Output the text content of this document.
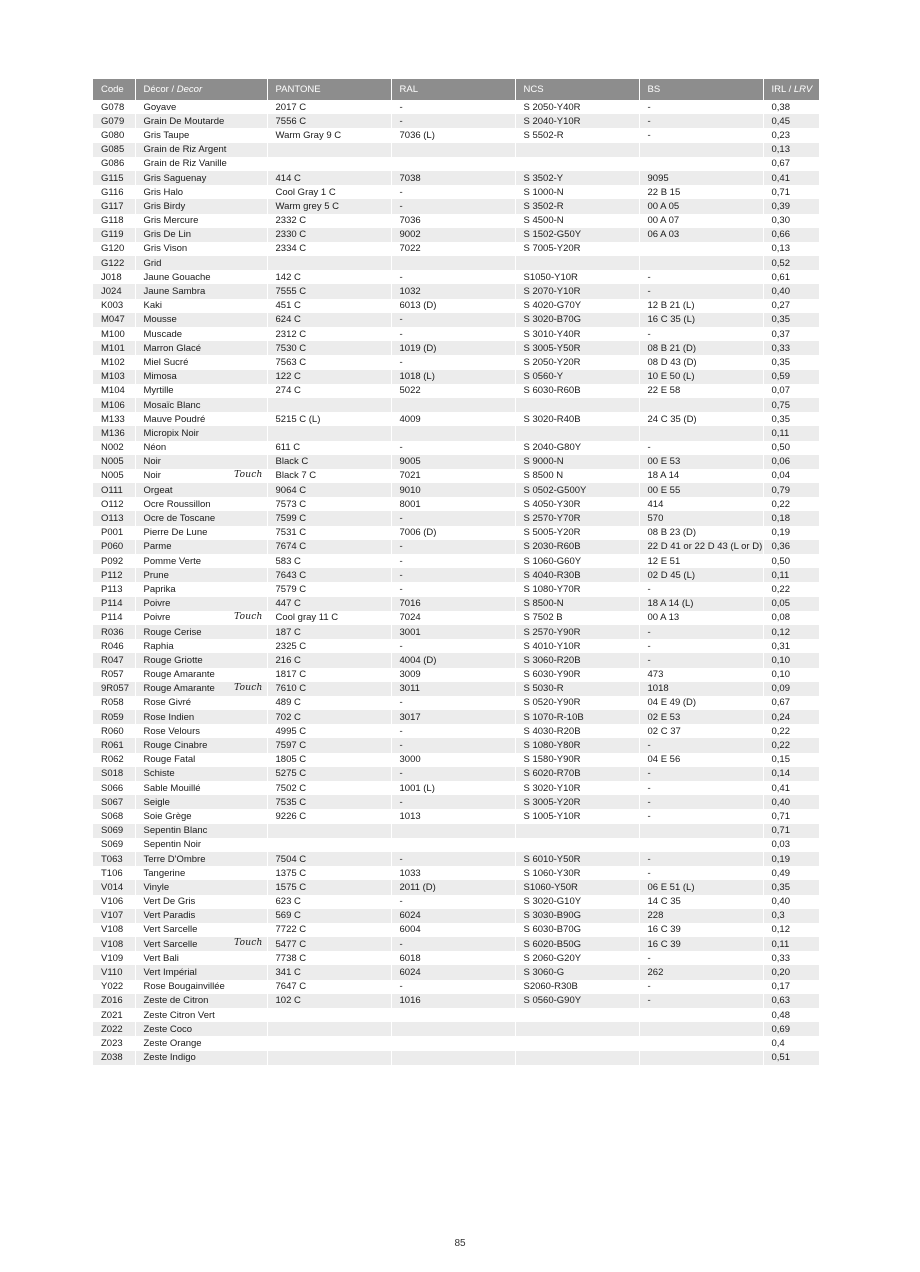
Code	Décor / Decor	PANTONE	RAL	NCS	BS	IRL / LRV
G078	Goyave	2017 C	-	S 2050-Y40R	-	0,38
G079	Grain De Moutarde	7556 C	-	S 2040-Y10R	-	0,45
G080	Gris Taupe	Warm Gray 9 C	7036 (L)	S 5502-R	-	0,23
G085	Grain de Riz Argent					0,13
G086	Grain de Riz Vanille					0,67
G115	Gris Saguenay	414 C	7038	S 3502-Y	9095	0,41
G116	Gris Halo	Cool Gray 1 C	-	S 1000-N	22 B 15	0,71
G117	Gris Birdy	Warm grey 5 C	-	S 3502-R	00 A 05	0,39
G118	Gris Mercure	2332 C	7036	S 4500-N	00 A 07	0,30
G119	Gris De Lin	2330 C	9002	S 1502-G50Y	06 A 03	0,66
G120	Gris Vison	2334 C	7022	S 7005-Y20R		0,13
G122	Grid					0,52
J018	Jaune Gouache	142 C	-	S1050-Y10R	-	0,61
J024	Jaune Sambra	7555 C	1032	S 2070-Y10R	-	0,40
K003	Kaki	451 C	6013 (D)	S 4020-G70Y	12 B 21 (L)	0,27
M047	Mousse	624 C	-	S 3020-B70G	16 C 35 (L)	0,35
M100	Muscade	2312 C	-	S 3010-Y40R	-	0,37
M101	Marron Glacé	7530 C	1019 (D)	S 3005-Y50R	08 B 21 (D)	0,33
M102	Miel Sucré	7563 C	-	S 2050-Y20R	08 D 43 (D)	0,35
M103	Mimosa	122 C	1018 (L)	S 0560-Y	10 E 50 (L)	0,59
M104	Myrtille	274 C	5022	S 6030-R60B	22 E 58	0,07
M106	Mosaïc Blanc					0,75
M133	Mauve Poudré	5215 C (L)	4009	S 3020-R40B	24 C 35 (D)	0,35
M136	Micropix Noir					0,11
N002	Néon	611 C	-	S 2040-G80Y	-	0,50
N005	Noir	Black C	9005	S 9000-N	00 E 53	0,06
N005	Noir Touch	Black 7 C	7021	S 8500 N	18 A 14	0,04
O111	Orgeat	9064 C	9010	S 0502-G500Y	00 E 55	0,79
O112	Ocre Roussillon	7573 C	8001	S 4050-Y30R	414	0,22
O113	Ocre de Toscane	7599 C	-	S 2570-Y70R	570	0,18
P001	Pierre De Lune	7531 C	7006 (D)	S 5005-Y20R	08 B 23 (D)	0,19
P060	Parme	7674 C	-	S 2030-R60B	22 D 41 or 22 D 43 (L or D)	0,36
P092	Pomme Verte	583 C	-	S 1060-G60Y	12 E 51	0,50
P112	Prune	7643 C	-	S 4040-R30B	02 D 45 (L)	0,11
P113	Paprika	7579 C	-	S 1080-Y70R	-	0,22
P114	Poivre	447 C	7016	S 8500-N	18 A 14 (L)	0,05
P114	Poivre Touch	Cool gray 11 C	7024	S 7502 B	00 A 13	0,08
R036	Rouge Cerise	187 C	3001	S 2570-Y90R	-	0,12
R046	Raphia	2325 C	-	S 4010-Y10R	-	0,31
R047	Rouge Griotte	216 C	4004 (D)	S 3060-R20B	-	0,10
R057	Rouge Amarante	1817 C	3009	S 6030-Y90R	473	0,10
9R057	Rouge Amarante Touch	7610 C	3011	S 5030-R	1018	0,09
R058	Rose Givré	489 C	-	S 0520-Y90R	04 E 49 (D)	0,67
R059	Rose Indien	702 C	3017	S 1070-R-10B	02 E 53	0,24
R060	Rose Velours	4995 C	-	S 4030-R20B	02 C 37	0,22
R061	Rouge Cinabre	7597 C	-	S 1080-Y80R	-	0,22
R062	Rouge Fatal	1805 C	3000	S 1580-Y90R	04 E 56	0,15
S018	Schiste	5275 C	-	S 6020-R70B	-	0,14
S066	Sable Mouillé	7502 C	1001 (L)	S 3020-Y10R	-	0,41
S067	Seigle	7535 C	-	S 3005-Y20R	-	0,40
S068	Soie Grège	9226 C	1013	S 1005-Y10R	-	0,71
S069	Sepentin Blanc					0,71
S069	Sepentin Noir					0,03
T063	Terre D'Ombre	7504 C	-	S 6010-Y50R	-	0,19
T106	Tangerine	1375 C	1033	S 1060-Y30R	-	0,49
V014	Vinyle	1575 C	2011 (D)	S1060-Y50R	06 E 51 (L)	0,35
V106	Vert De Gris	623 C	-	S 3020-G10Y	14 C 35	0,40
V107	Vert Paradis	569 C	6024	S 3030-B90G	228	0,3
V108	Vert Sarcelle	7722 C	6004	S 6030-B70G	16 C 39	0,12
V108	Vert Sarcelle Touch	5477 C	-	S 6020-B50G	16 C 39	0,11
V109	Vert Bali	7738 C	6018	S 2060-G20Y	-	0,33
V110	Vert Impérial	341 C	6024	S 3060-G	262	0,20
Y022	Rose Bougainvillée	7647 C	-	S2060-R30B	-	0,17
Z016	Zeste de Citron	102 C	1016	S 0560-G90Y	-	0,63
Z021	Zeste Citron Vert					0,48
Z022	Zeste Coco					0,69
Z023	Zeste Orange					0,4
Z038	Zeste Indigo					0,51
85
